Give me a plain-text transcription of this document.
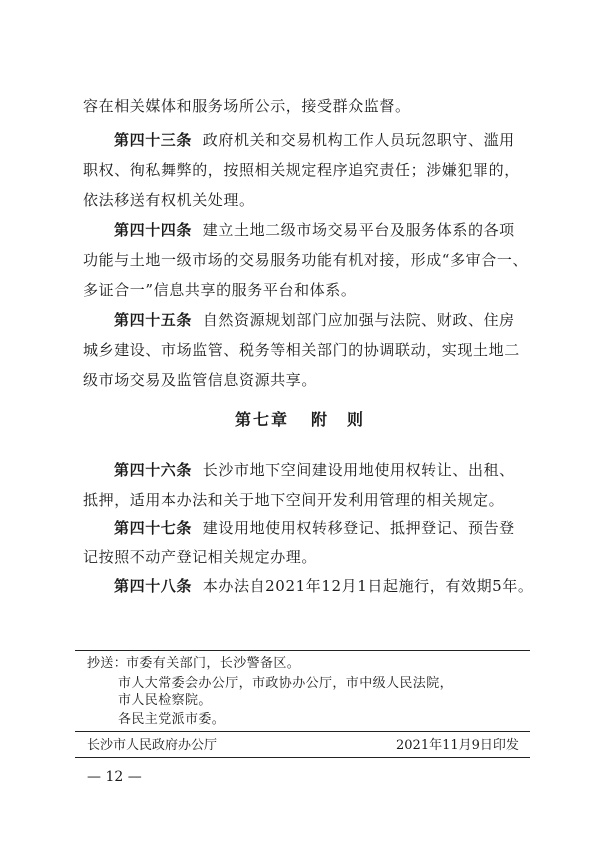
容在相关媒体和服务场所公示，接受群众监督。
第四十三条 政府机关和交易机构工作人员玩忽职守、滥用
职权、徇私舞弊的，按照相关规定程序追究责任；涉嫌犯罪的，
依法移送有权机关处理。
第四十四条 建立土地二级市场交易平台及服务体系的各项
功能与土地一级市场的交易服务功能有机对接，形成“多审合一、
多证合一”信息共享的服务平台和体系。
第四十五条 自然资源规划部门应加强与法院、财政、住房
城乡建设、市场监管、税务等相关部门的协调联动，实现土地二
级市场交易及监管信息资源共享。
第七章 附　则
第四十六条 长沙市地下空间建设用地使用权转让、出租、
抵押，适用本办法和关于地下空间开发利用管理的相关规定。
第四十七条 建设用地使用权转移登记、抵押登记、预告登
记按照不动产登记相关规定办理。
第四十八条 本办法自2021年12月1日起施行，有效期5年。
抄送：
市委有关部门，长沙警备区。
市人大常委会办公厅，市政协办公厅，市中级人民法院，
市人民检察院。
各民主党派市委。
长沙市人民政府办公厅	2021年11月9日印发
— 12 —
